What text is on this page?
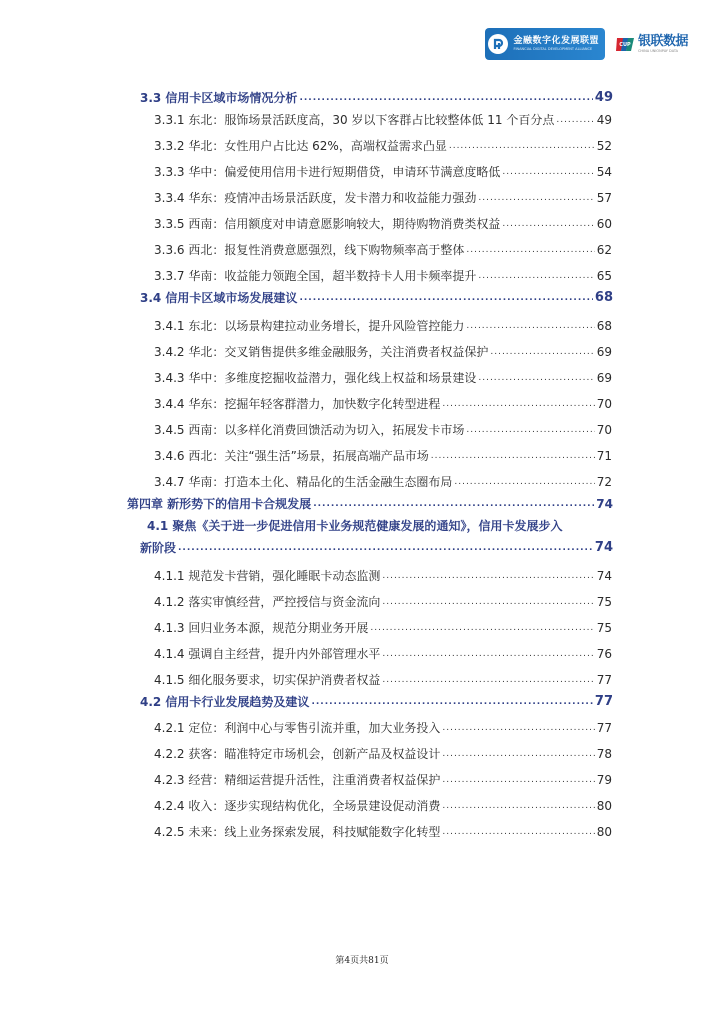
金融数字化发展联盟
FINANCIAL DIGITAL DEVELOPMENT ALLIANCE
CUP 银联数据
CHINA UNIONPAY DATA
3.3 信用卡区域市场情况分析 .....	49
3.3.1 东北：服饰场景活跃度高，30 岁以下客群占比较整体低 11 个百分点 .....	49
3.3.2 华北：女性用户占比达 62%，高端权益需求凸显 .....	52
3.3.3 华中：偏爱使用信用卡进行短期借贷，申请环节满意度略低 .....	54
3.3.4 华东：疫情冲击场景活跃度，发卡潜力和收益能力强劲 .....	57
3.3.5 西南：信用额度对申请意愿影响较大，期待购物消费类权益 .....	60
3.3.6 西北：报复性消费意愿强烈，线下购物频率高于整体 .....	62
3.3.7 华南：收益能力领跑全国，超半数持卡人用卡频率提升 .....	65
3.4 信用卡区域市场发展建议 .....	68
3.4.1 东北：以场景构建拉动业务增长，提升风险管控能力 .....	68
3.4.2 华北：交叉销售提供多维金融服务，关注消费者权益保护 .....	69
3.4.3 华中：多维度挖掘收益潜力，强化线上权益和场景建设 .....	69
3.4.4 华东：挖掘年轻客群潜力，加快数字化转型进程 .....	70
3.4.5 西南：以多样化消费回馈活动为切入，拓展发卡市场 .....	70
3.4.6 西北：关注“强生活”场景，拓展高端产品市场 .....	71
3.4.7 华南：打造本土化、精品化的生活金融生态圈布局 .....	72
第四章 新形势下的信用卡合规发展 .....	74
4.1 聚焦《关于进一步促进信用卡业务规范健康发展的通知》，信用卡发展步入
新阶段 .....	74
4.1.1 规范发卡营销，强化睡眠卡动态监测 .....	74
4.1.2 落实审慎经营，严控授信与资金流向 .....	75
4.1.3 回归业务本源，规范分期业务开展 .....	75
4.1.4 强调自主经营，提升内外部管理水平 .....	76
4.1.5 细化服务要求，切实保护消费者权益 .....	77
4.2 信用卡行业发展趋势及建议 .....	77
4.2.1 定位：利润中心与零售引流并重，加大业务投入 .....	77
4.2.2 获客：瞄准特定市场机会，创新产品及权益设计 .....	78
4.2.3 经营：精细运营提升活性，注重消费者权益保护 .....	79
4.2.4 收入：逐步实现结构优化，全场景建设促动消费 .....	80
4.2.5 未来：线上业务探索发展，科技赋能数字化转型 .....	80
第4页共81页
